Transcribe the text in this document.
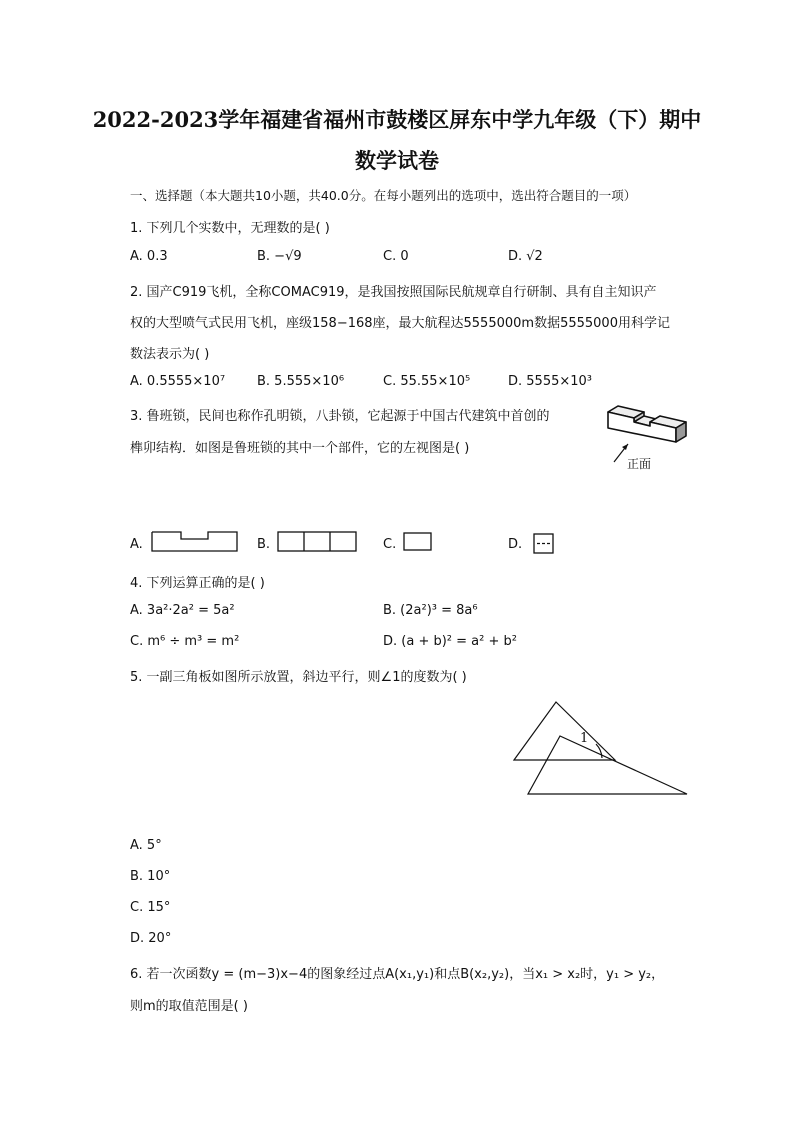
2022-2023学年福建省福州市鼓楼区屏东中学九年级（下）期中
数学试卷
一、选择题（本大题共10小题，共40.0分。在每小题列出的选项中，选出符合题目的一项）
1. 下列几个实数中，无理数的是( )
A. 0.3	B. −√9	C. 0	D. √2
2. 国产C919飞机，全称COMAC919，是我国按照国际民航规章自行研制、具有自主知识产
权的大型喷气式民用飞机，座级158−168座，最大航程达5555000m数据5555000用科学记
数法表示为( )
A. 0.5555×10⁷ B. 5.555×10⁶	C. 55.55×10⁵	D. 5555×10³
3. 鲁班锁，民间也称作孔明锁，八卦锁，它起源于中国古代建筑中首创的
榫卯结构．如图是鲁班锁的其中一个部件，它的左视图是( )
正面
A.	B.	C.	D.
4. 下列运算正确的是( )
A. 3a²·2a² = 5a²	B. (2a²)³ = 8a⁶
C. m⁶ ÷ m³ = m²	D. (a + b)² = a² + b²
5. 一副三角板如图所示放置，斜边平行，则∠1的度数为( )
1
A. 5°
B. 10°
C. 15°
D. 20°
6. 若一次函数y = (m−3)x−4的图象经过点A(x₁,y₁)和点B(x₂,y₂)，当x₁ > x₂时，y₁ > y₂，
则m的取值范围是( )
